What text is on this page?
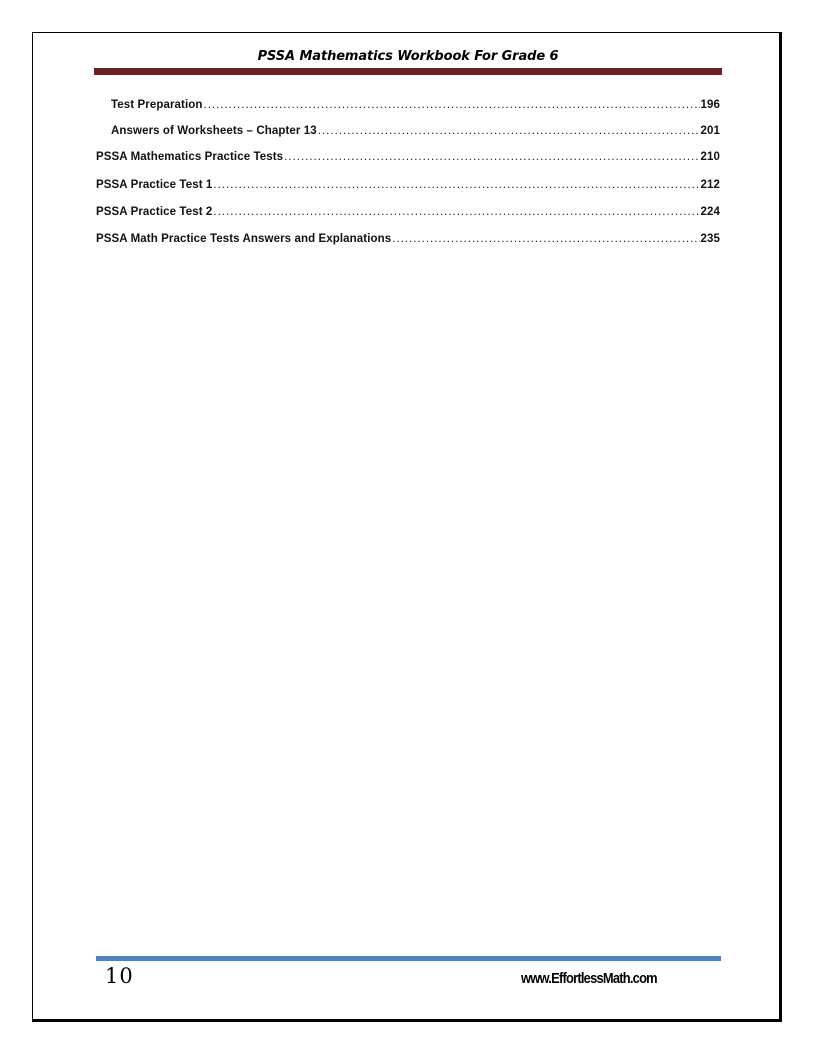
PSSA Mathematics Workbook For Grade 6
Test Preparation .....	196
Answers of Worksheets – Chapter 13 .....	201
PSSA Mathematics Practice Tests .....	210
PSSA Practice Test 1 .....	212
PSSA Practice Test 2 .....	224
PSSA Math Practice Tests Answers and Explanations .....	235
10	www.EffortlessMath.com
